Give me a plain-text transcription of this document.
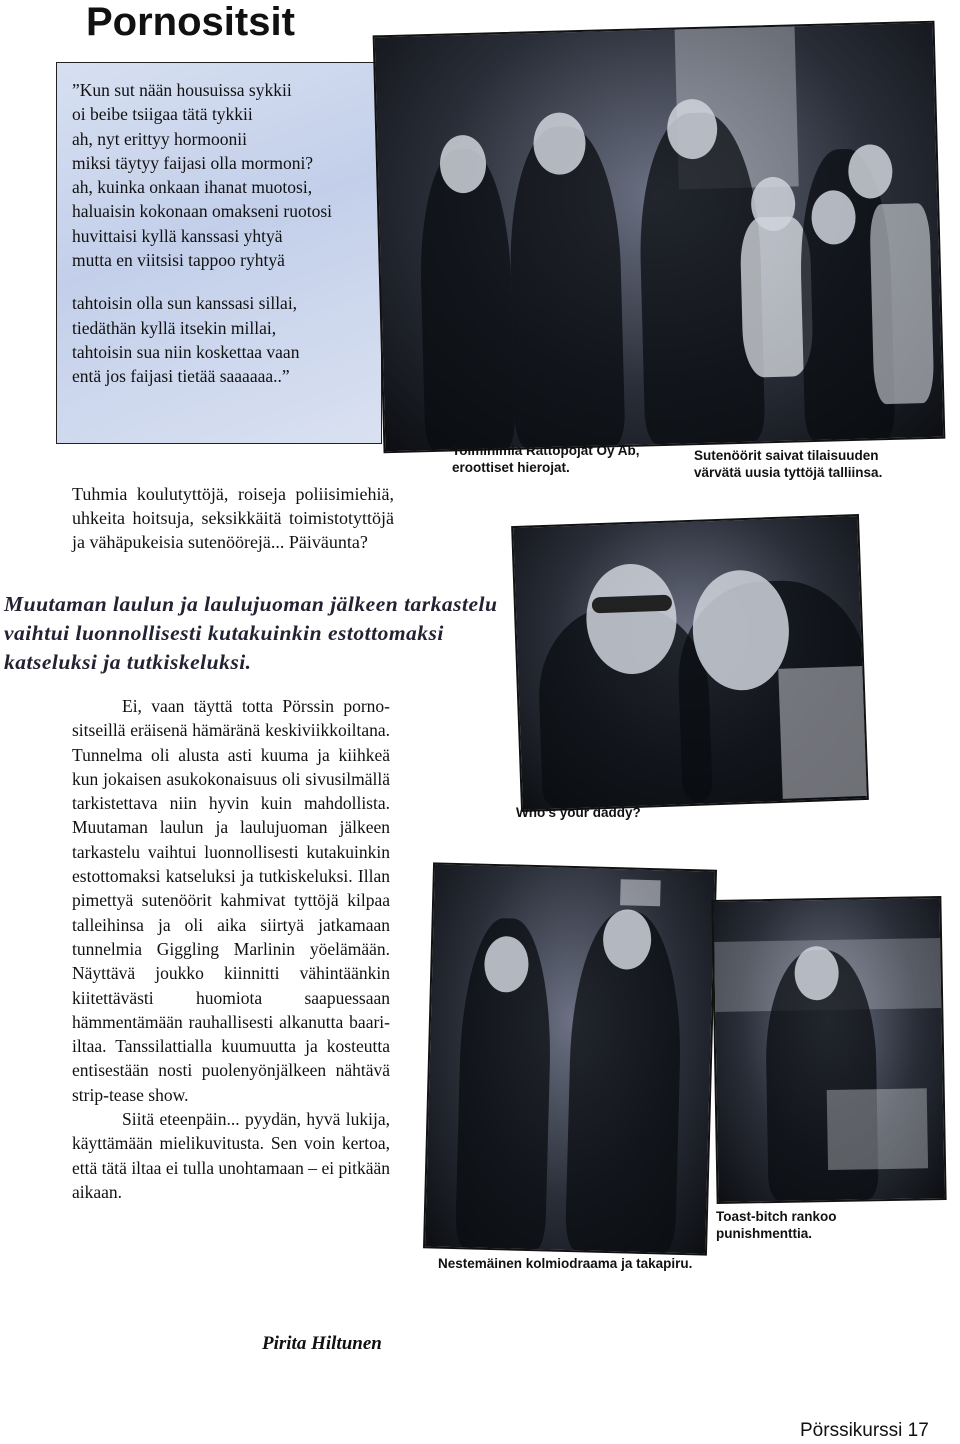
Pornositsit
”Kun sut nään housuissa sykkii
oi beibe tsiigaa tätä tykkii
ah, nyt erittyy hormoonii
miksi täytyy faijasi olla mormoni?
ah, kuinka onkaan ihanat muotosi,
haluaisin kokonaan omakseni ruotosi
huvittaisi kyllä kanssasi yhtyä
mutta en viitsisi tappoo ryhtyä
tahtoisin olla sun kanssasi sillai,
tiedäthän kyllä itsekin millai,
tahtoisin sua niin koskettaa vaan
entä jos faijasi tietää saaaaaa..”
Toiminimia Rattopojat Oy Ab, eroottiset hierojat.
Sutenöörit saivat tilaisuuden värvätä uusia tyttöjä talliinsa.
Tuhmia koulutyttöjä, roiseja poliisimiehiä, uhkeita hoitsuja, seksikkäitä toimistotyttöjä ja vähäpukeisia sutenöörejä... Päiväunta?
Muutaman laulun ja laulujuoman jälkeen tarkastelu vaihtui luonnollisesti kutakuinkin estottomaksi katseluksi ja tutkiskeluksi.
Who’s your daddy?
Nestemäinen kolmiodraama ja takapiru.
Toast-bitch rankoo punishmenttia.

Ei, vaan täyttä totta Pörssin porno-sitseillä eräisenä hämäränä keskiviikkoiltana. Tunnelma oli alusta asti kuuma ja kiihkeä kun jokaisen asukokonaisuus oli sivusilmällä tarkistettava niin hyvin kuin mahdollista. Muutaman laulun ja laulujuoman jälkeen tarkastelu vaihtui luonnollisesti kutakuinkin estottomaksi katseluksi ja tutkiskeluksi. Illan pimettyä sutenöörit kahmivat tyttöjä kilpaa talleihinsa ja oli aika siirtyä jatkamaan tunnelmia Giggling Marlinin yöelämään. Näyttävä joukko kiinnitti vähintäänkin kiitettävästi huomiota saapuessaan hämmentämään rauhallisesti alkanutta baari-iltaa. Tanssilattialla kuumuutta ja kosteutta entisestään nosti puolenyönjälkeen nähtävä strip-tease show.

Siitä eteenpäin... pyydän, hyvä lukija, käyttämään mielikuvitusta. Sen voin kertoa, että tätä iltaa ei tulla unohtamaan – ei pitkään aikaan.

Pirita Hiltunen
Pörssikurssi 17
